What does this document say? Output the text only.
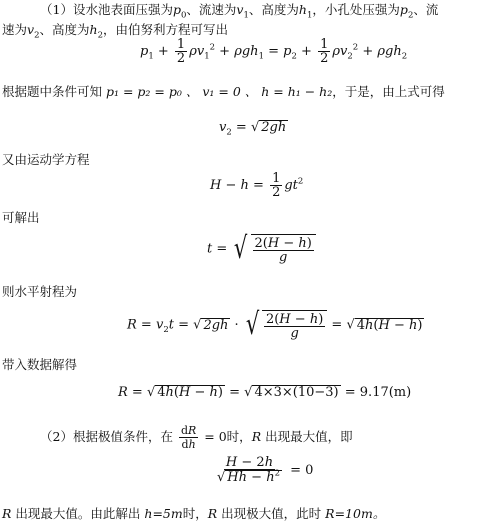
（1）设水池表面压强为$p_0$、流速为$v_1$、高度为$h_1$，小孔处压强为$p_2$、流
速为$v_2$、高度为$h_2$，由伯努利方程可写出
$p_1 + \frac{1}{2} \rho v_1^2 + \rho gh_1 = p_2 + \frac{1}{2} \rho v_2^2 + \rho gh_2$
根据题中条件可知 p₁ = p₂ = p₀ 、 v₁ = 0 、 h = h₁ − h₂，于是，由上式可得
$v_2$ = √ 2gh
又由运动学方程
$H - h = \frac{1}{2} gt^2$
可解出
t = √ $\frac{2(H - h)}{g}$
则水平射程为
$R = v_2t$ = √ 2gh · √ $\frac{2(H - h)}{g}$ = √ 4h(H − h)
带入数据解得
R = √ 4h(H − h) = √ 4×3×(10−3) = 9.17(m)
（2）根据极值条件，在 $\frac{dR}{dh} = 0$时，R 出现最大值，即
$\frac{H - 2h}{√ Hh - h^2} = 0$
R 出现最大值。由此解出 h=5m时，R 出现极大值，此时 R=10m。
